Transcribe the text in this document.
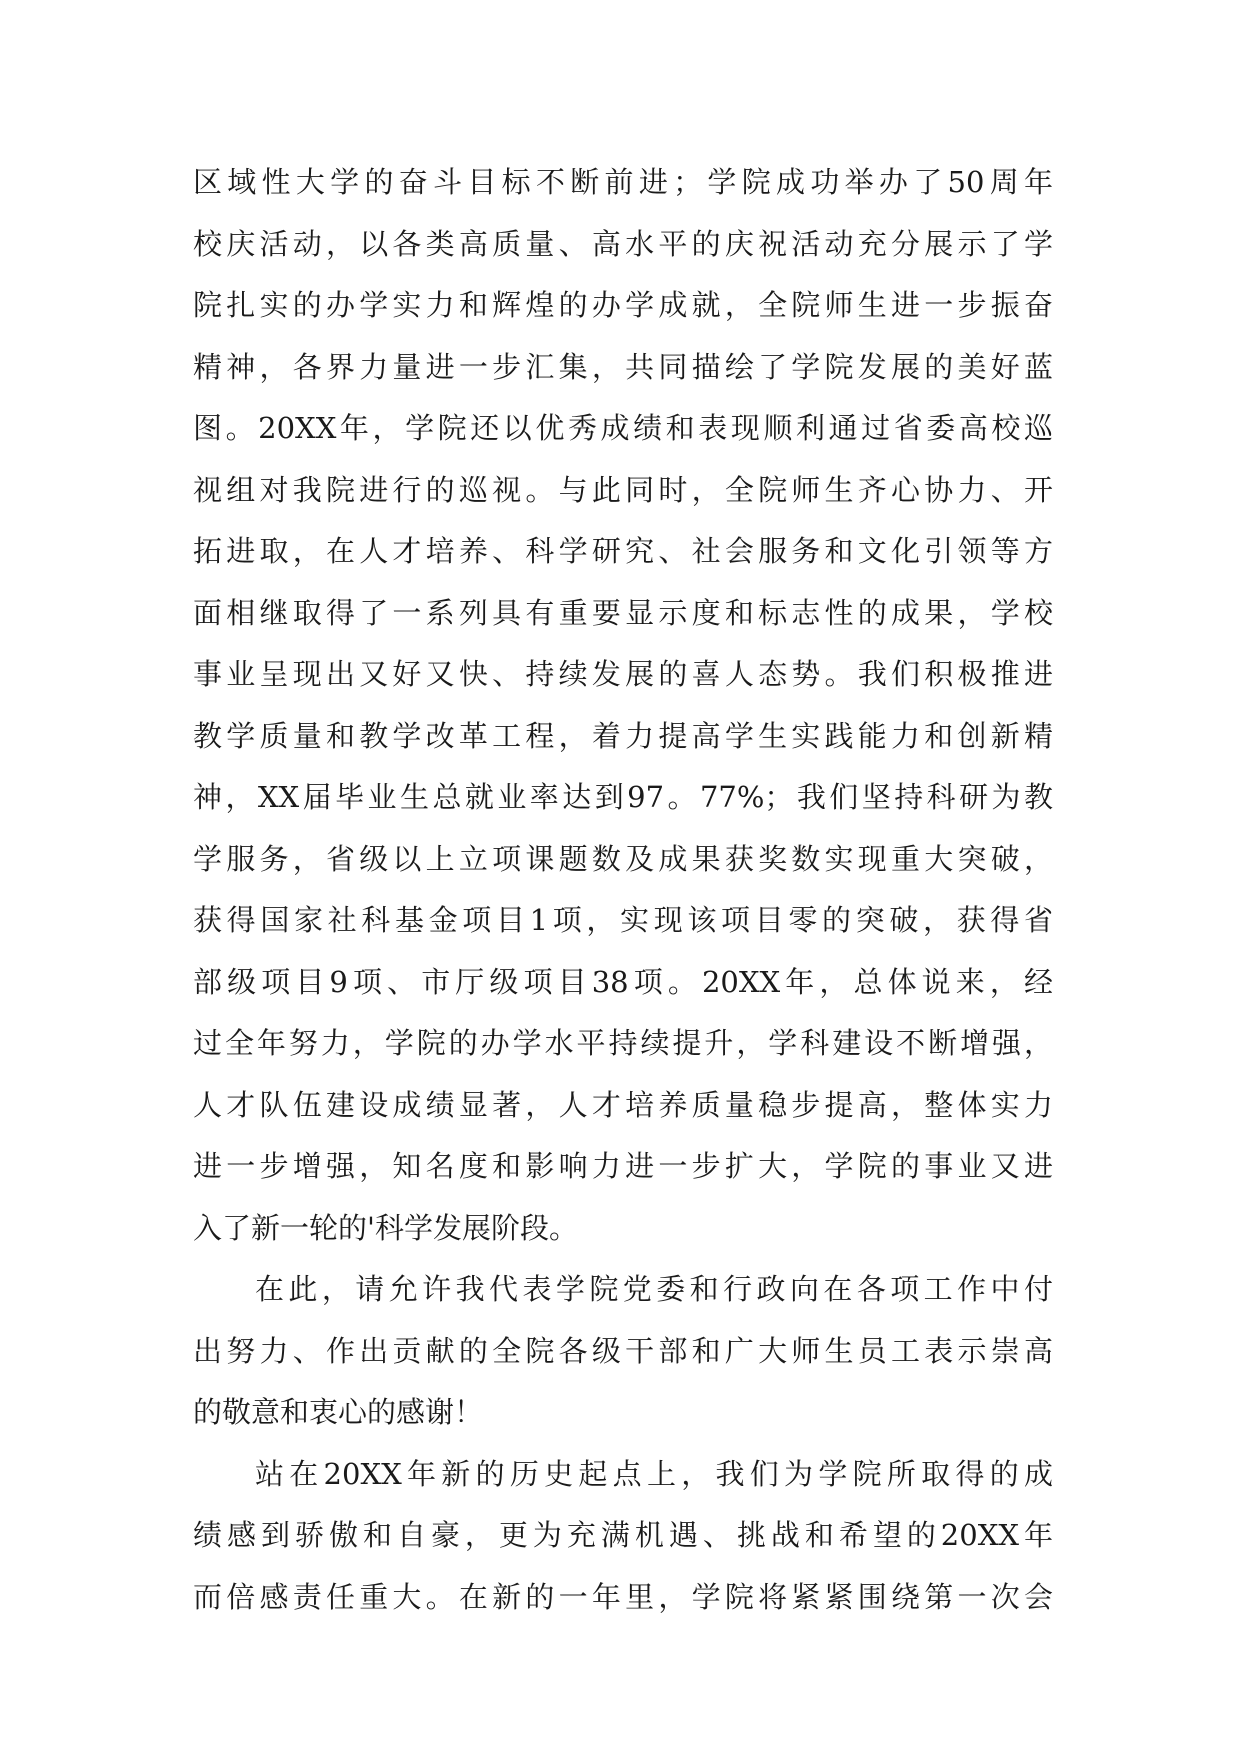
区域性大学的奋斗目标不断前进；学院成功举办了50周年
校庆活动，以各类高质量、高水平的庆祝活动充分展示了学
院扎实的办学实力和辉煌的办学成就，全院师生进一步振奋
精神，各界力量进一步汇集，共同描绘了学院发展的美好蓝
图。20XX年，学院还以优秀成绩和表现顺利通过省委高校巡
视组对我院进行的巡视。与此同时，全院师生齐心协力、开
拓进取，在人才培养、科学研究、社会服务和文化引领等方
面相继取得了一系列具有重要显示度和标志性的成果，学校
事业呈现出又好又快、持续发展的喜人态势。我们积极推进
教学质量和教学改革工程，着力提高学生实践能力和创新精
神，XX届毕业生总就业率达到97。77%；我们坚持科研为教
学服务，省级以上立项课题数及成果获奖数实现重大突破，
获得国家社科基金项目1项，实现该项目零的突破，获得省
部级项目9项、市厅级项目38项。20XX年，总体说来，经
过全年努力，学院的办学水平持续提升，学科建设不断增强，
人才队伍建设成绩显著，人才培养质量稳步提高，整体实力
进一步增强，知名度和影响力进一步扩大，学院的事业又进
入了新一轮的'科学发展阶段。
在此，请允许我代表学院党委和行政向在各项工作中付
出努力、作出贡献的全院各级干部和广大师生员工表示崇高
的敬意和衷心的感谢！
站在20XX年新的历史起点上，我们为学院所取得的成
绩感到骄傲和自豪，更为充满机遇、挑战和希望的20XX年
而倍感责任重大。在新的一年里，学院将紧紧围绕第一次会
